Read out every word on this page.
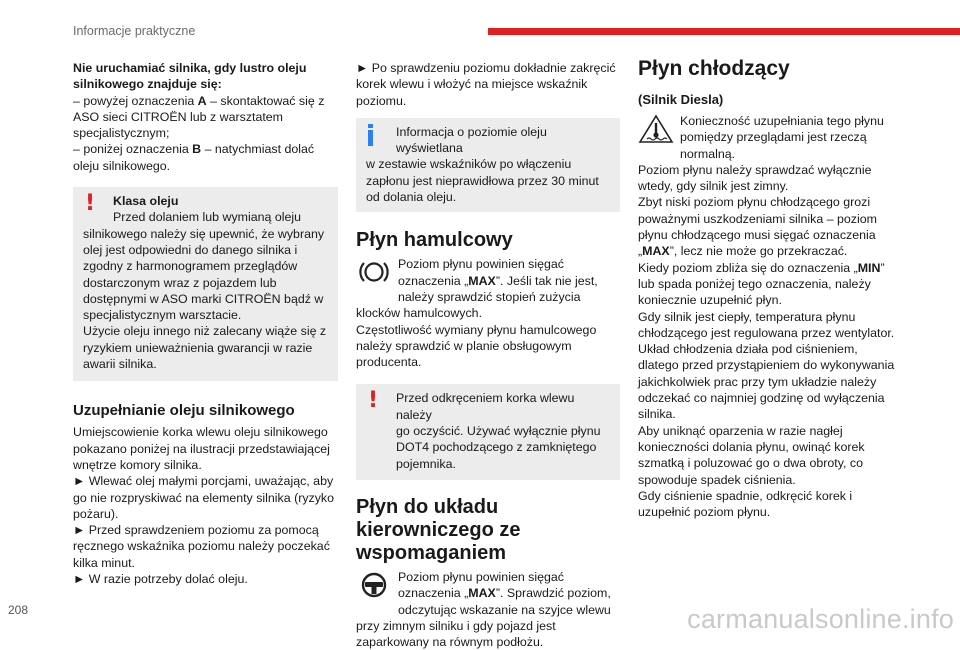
Informacje praktyczne

Nie uruchamiać silnika, gdy lustro oleju silnikowego znajduje się:

– powyżej oznaczenia A – skontaktować się z ASO sieci CITROËN lub z warsztatem specjalistycznym;

– poniżej oznaczenia B – natychmiast dolać oleju silnikowego.

!	Klasa oleju

Przed dolaniem lub wymianą oleju

silnikowego należy się upewnić, że wybrany olej jest odpowiedni do danego silnika i zgodny z harmonogramem przeglądów dostarczonym wraz z pojazdem lub dostępnymi w ASO marki CITROËN bądź w specjalistycznym warsztacie.

Użycie oleju innego niż zalecany wiąże się z ryzykiem unieważnienia gwarancji w razie awarii silnika.

Uzupełnianie oleju silnikowego

Umiejscowienie korka wlewu oleju silnikowego pokazano poniżej na ilustracji przedstawiającej wnętrze komory silnika.

► Wlewać olej małymi porcjami, uważając, aby go nie rozpryskiwać na elementy silnika (ryzyko pożaru).

► Przed sprawdzeniem poziomu za pomocą ręcznego wskaźnika poziomu należy poczekać kilka minut.

► W razie potrzeby dolać oleju.

► Po sprawdzeniu poziomu dokładnie zakręcić korek wlewu i włożyć na miejsce wskaźnik poziomu.

Informacja o poziomie oleju wyświetlana

w zestawie wskaźników po włączeniu zapłonu jest nieprawidłowa przez 30 minut od dolania oleju.

Płyn hamulcowy

Poziom płynu powinien sięgać

oznaczenia „MAX”. Jeśli tak nie jest,

należy sprawdzić stopień zużycia klocków hamulcowych.

Częstotliwość wymiany płynu hamulcowego należy sprawdzić w planie obsługowym producenta.

!	Przed odkręceniem korka wlewu należy

go oczyścić. Używać wyłącznie płynu DOT4 pochodzącego z zamkniętego pojemnika.

Płyn do układu kierowniczego ze wspomaganiem

Poziom płynu powinien sięgać

oznaczenia „MAX”. Sprawdzić poziom,

odczytując wskazanie na szyjce wlewu przy zimnym silniku i gdy pojazd jest zaparkowany na równym podłożu.

Płyn chłodzący
(Silnik Diesla)

Konieczność uzupełniania tego płynu

pomiędzy przeglądami jest rzeczą

normalną.

Poziom płynu należy sprawdzać wyłącznie wtedy, gdy silnik jest zimny.

Zbyt niski poziom płynu chłodzącego grozi poważnymi uszkodzeniami silnika – poziom płynu chłodzącego musi sięgać oznaczenia „MAX”, lecz nie może go przekraczać.

Kiedy poziom zbliża się do oznaczenia „MIN” lub spada poniżej tego oznaczenia, należy koniecznie uzupełnić płyn.

Gdy silnik jest ciepły, temperatura płynu chłodzącego jest regulowana przez wentylator.

Układ chłodzenia działa pod ciśnieniem, dlatego przed przystąpieniem do wykonywania jakichkolwiek prac przy tym układzie należy odczekać co najmniej godzinę od wyłączenia silnika.

Aby uniknąć oparzenia w razie nagłej konieczności dolania płynu, owinąć korek szmatką i poluzować go o dwa obroty, co spowoduje spadek ciśnienia.

Gdy ciśnienie spadnie, odkręcić korek i uzupełnić poziom płynu.

208	carmanualsonline.info
